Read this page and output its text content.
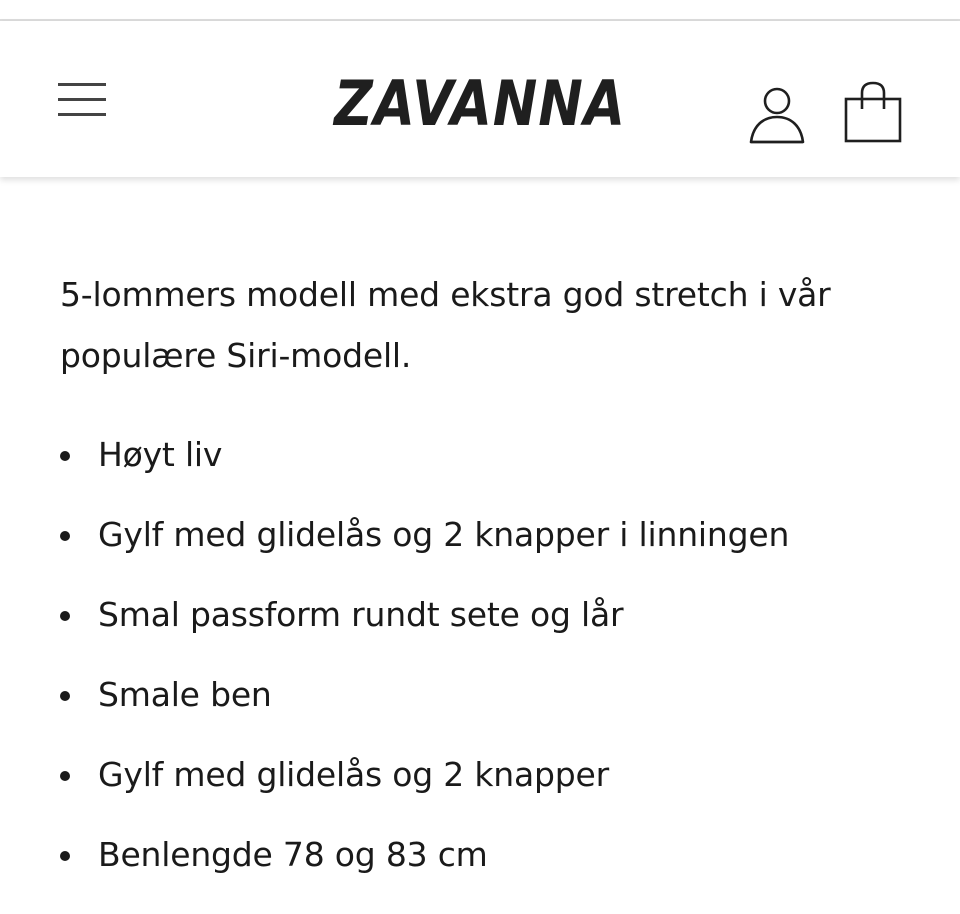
ZAVANNA

5-lommers modell med ekstra god stretch i vår populære Siri-modell.

Høyt liv
Gylf med glidelås og 2 knapper i linningen
Smal passform rundt sete og lår
Smale ben
Gylf med glidelås og 2 knapper
Benlengde 78 og 83 cm
